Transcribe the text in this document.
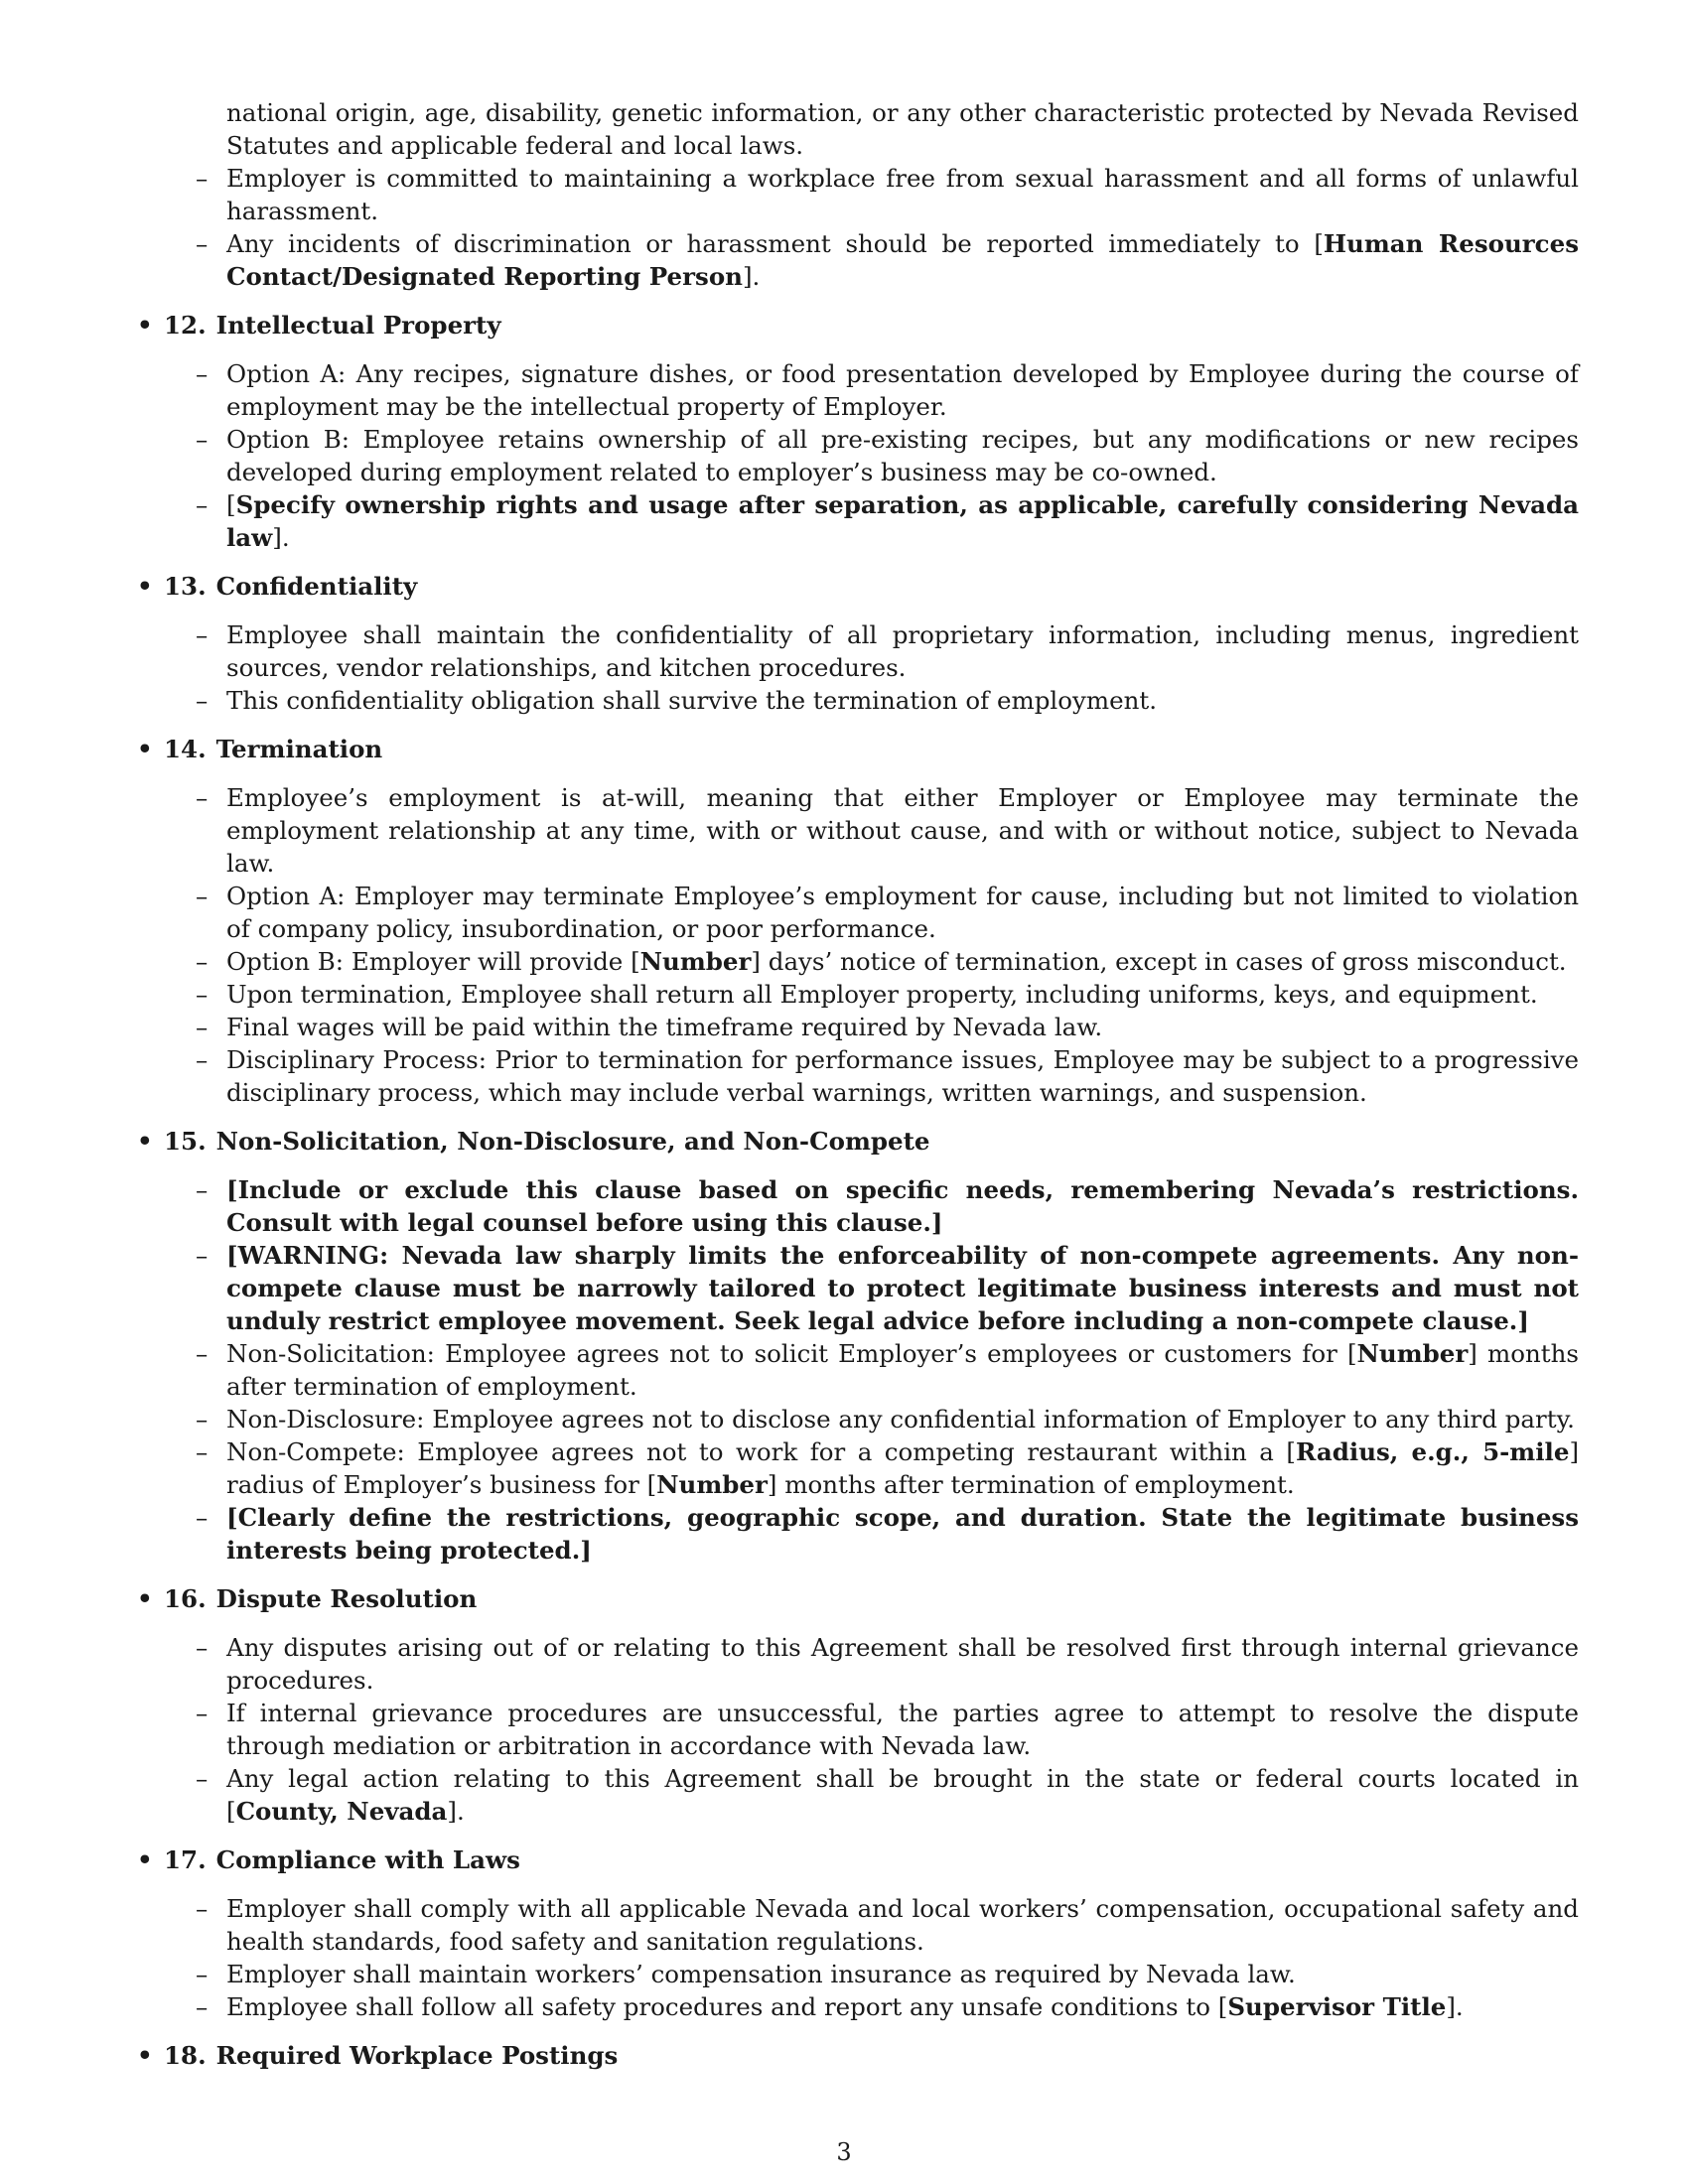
national origin, age, disability, genetic information, or any other characteristic protected by Nevada Revised Statutes and applicable federal and local laws.
– Employer is committed to maintaining a workplace free from sexual harassment and all forms of unlawful harassment.
– Any incidents of discrimination or harassment should be reported immediately to [Human Resources Contact/Designated Reporting Person].
• 12. Intellectual Property
– Option A: Any recipes, signature dishes, or food presentation developed by Employee during the course of employment may be the intellectual property of Employer.
– Option B: Employee retains ownership of all pre-existing recipes, but any modifications or new recipes developed during employment related to employer’s business may be co-owned.
– [Specify ownership rights and usage after separation, as applicable, carefully considering Nevada law].
• 13. Confidentiality
– Employee shall maintain the confidentiality of all proprietary information, including menus, ingredient sources, vendor relationships, and kitchen procedures.
– This confidentiality obligation shall survive the termination of employment.
• 14. Termination
– Employee’s employment is at-will, meaning that either Employer or Employee may terminate the employment relationship at any time, with or without cause, and with or without notice, subject to Nevada law.
– Option A: Employer may terminate Employee’s employment for cause, including but not limited to violation of company policy, insubordination, or poor performance.
– Option B: Employer will provide [Number] days’ notice of termination, except in cases of gross misconduct.
– Upon termination, Employee shall return all Employer property, including uniforms, keys, and equipment.
– Final wages will be paid within the timeframe required by Nevada law.
– Disciplinary Process: Prior to termination for performance issues, Employee may be subject to a progressive disciplinary process, which may include verbal warnings, written warnings, and suspension.
• 15. Non-Solicitation, Non-Disclosure, and Non-Compete
– [Include or exclude this clause based on specific needs, remembering Nevada’s restrictions. Consult with legal counsel before using this clause.]
– [WARNING: Nevada law sharply limits the enforceability of non-compete agreements. Any non-compete clause must be narrowly tailored to protect legitimate business interests and must not unduly restrict employee movement. Seek legal advice before including a non-compete clause.]
– Non-Solicitation: Employee agrees not to solicit Employer’s employees or customers for [Number] months after termination of employment.
– Non-Disclosure: Employee agrees not to disclose any confidential information of Employer to any third party.
– Non-Compete: Employee agrees not to work for a competing restaurant within a [Radius, e.g., 5-mile] radius of Employer’s business for [Number] months after termination of employment.
– [Clearly define the restrictions, geographic scope, and duration. State the legitimate business interests being protected.]
• 16. Dispute Resolution
– Any disputes arising out of or relating to this Agreement shall be resolved first through internal grievance procedures.
– If internal grievance procedures are unsuccessful, the parties agree to attempt to resolve the dispute through mediation or arbitration in accordance with Nevada law.
– Any legal action relating to this Agreement shall be brought in the state or federal courts located in [County, Nevada].
• 17. Compliance with Laws
– Employer shall comply with all applicable Nevada and local workers’ compensation, occupational safety and health standards, food safety and sanitation regulations.
– Employer shall maintain workers’ compensation insurance as required by Nevada law.
– Employee shall follow all safety procedures and report any unsafe conditions to [Supervisor Title].
• 18. Required Workplace Postings
3
